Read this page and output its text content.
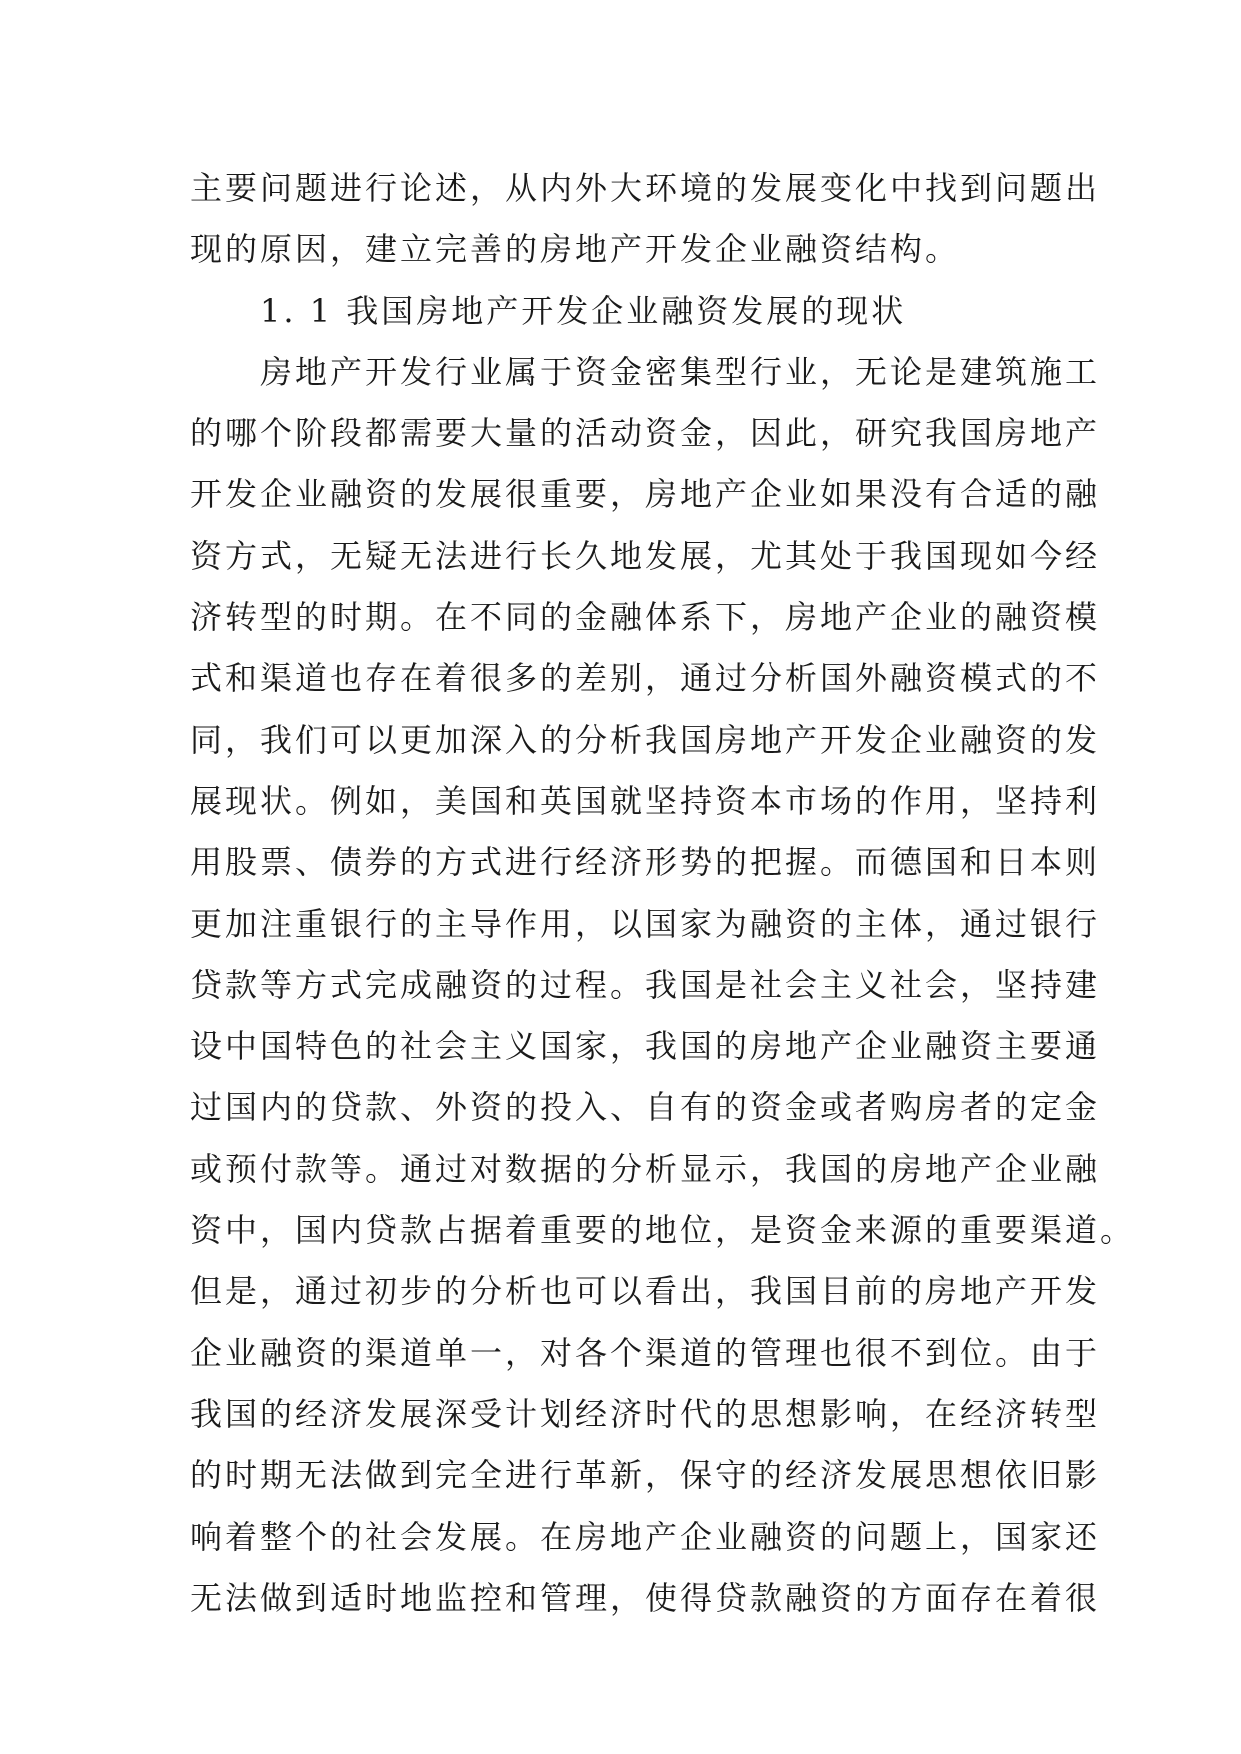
主要问题进行论述，从内外大环境的发展变化中找到问题出
现的原因，建立完善的房地产开发企业融资结构。
1. 1 我国房地产开发企业融资发展的现状
房地产开发行业属于资金密集型行业，无论是建筑施工
的哪个阶段都需要大量的活动资金，因此，研究我国房地产
开发企业融资的发展很重要，房地产企业如果没有合适的融
资方式，无疑无法进行长久地发展，尤其处于我国现如今经
济转型的时期。在不同的金融体系下，房地产企业的融资模
式和渠道也存在着很多的差别，通过分析国外融资模式的不
同，我们可以更加深入的分析我国房地产开发企业融资的发
展现状。例如，美国和英国就坚持资本市场的作用，坚持利
用股票、债券的方式进行经济形势的把握。而德国和日本则
更加注重银行的主导作用，以国家为融资的主体，通过银行
贷款等方式完成融资的过程。我国是社会主义社会，坚持建
设中国特色的社会主义国家，我国的房地产企业融资主要通
过国内的贷款、外资的投入、自有的资金或者购房者的定金
或预付款等。通过对数据的分析显示，我国的房地产企业融
资中，国内贷款占据着重要的地位，是资金来源的重要渠道。
但是，通过初步的分析也可以看出，我国目前的房地产开发
企业融资的渠道单一，对各个渠道的管理也很不到位。由于
我国的经济发展深受计划经济时代的思想影响，在经济转型
的时期无法做到完全进行革新，保守的经济发展思想依旧影
响着整个的社会发展。在房地产企业融资的问题上，国家还
无法做到适时地监控和管理，使得贷款融资的方面存在着很
